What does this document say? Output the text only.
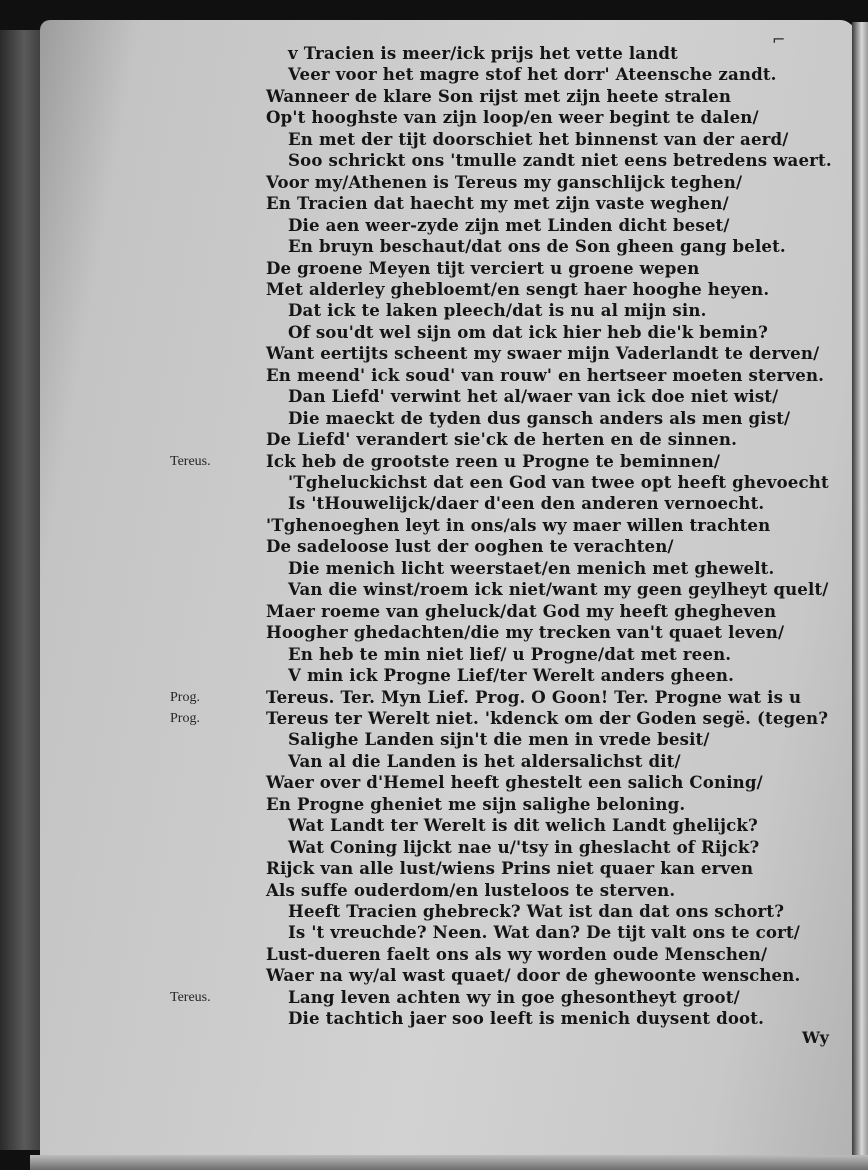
⌐

v Tracien is meer/ick prijs het vette landt

Veer voor het magre stof het dorr' Ateensche zandt.

Wanneer de klare Son rijst met zijn heete stralen

Op't hooghste van zijn loop/en weer begint te dalen/

En met der tijt doorschiet het binnenst van der aerd/

Soo schrickt ons 'tmulle zandt niet eens betredens waert.

Voor my/Athenen is Tereus my ganschlijck teghen/

En Tracien dat haecht my met zijn vaste weghen/

Die aen weer-zyde zijn met Linden dicht beset/

En bruyn beschaut/dat ons de Son gheen gang belet.

De groene Meyen tijt verciert u groene wepen

Met alderley ghebloemt/en sengt haer hooghe heyen.

Dat ick te laken pleech/dat is nu al mijn sin.

Of sou'dt wel sijn om dat ick hier heb die'k bemin?

Want eertijts scheent my swaer mijn Vaderlandt te derven/

En meend' ick soud' van rouw' en hertseer moeten sterven.

Dan Liefd' verwint het al/waer van ick doe niet wist/

Die maeckt de tyden dus gansch anders als men gist/

De Liefd' verandert sie'ck de herten en de sinnen.

Tereus.	Ick heb de grootste reen u Progne te beminnen/

'Tgheluckichst dat een God van twee opt heeft ghevoecht

Is 'tHouwelijck/daer d'een den anderen vernoecht.

'Tghenoeghen leyt in ons/als wy maer willen trachten

De sadeloose lust der ooghen te verachten/

Die menich licht weerstaet/en menich met ghewelt.

Van die winst/roem ick niet/want my geen geylheyt quelt/

Maer roeme van gheluck/dat God my heeft ghegheven

Hoogher ghedachten/die my trecken van't quaet leven/

En heb te min niet lief/ u Progne/dat met reen.

V min ick Progne Lief/ter Werelt anders gheen.

Prog.	Tereus. Ter. Myn Lief. Prog. O Goon! Ter. Progne wat is u

Prog.	Tereus ter Werelt niet. 'kdenck om der Goden segë. (tegen?

Salighe Landen sijn't die men in vrede besit/

Van al die Landen is het aldersalichst dit/

Waer over d'Hemel heeft ghestelt een salich Coning/

En Progne gheniet me sijn salighe beloning.

Wat Landt ter Werelt is dit welich Landt ghelijck?

Wat Coning lijckt nae u/'tsy in gheslacht of Rijck?

Rijck van alle lust/wiens Prins niet quaer kan erven

Als suffe ouderdom/en lusteloos te sterven.

Heeft Tracien ghebreck? Wat ist dan dat ons schort?

Is 't vreuchde? Neen. Wat dan? De tijt valt ons te cort/

Lust-dueren faelt ons als wy worden oude Menschen/

Waer na wy/al wast quaet/ door de ghewoonte wenschen.

Tereus.	Lang leven achten wy in goe ghesontheyt groot/

Die tachtich jaer soo leeft is menich duysent doot.

Wy
